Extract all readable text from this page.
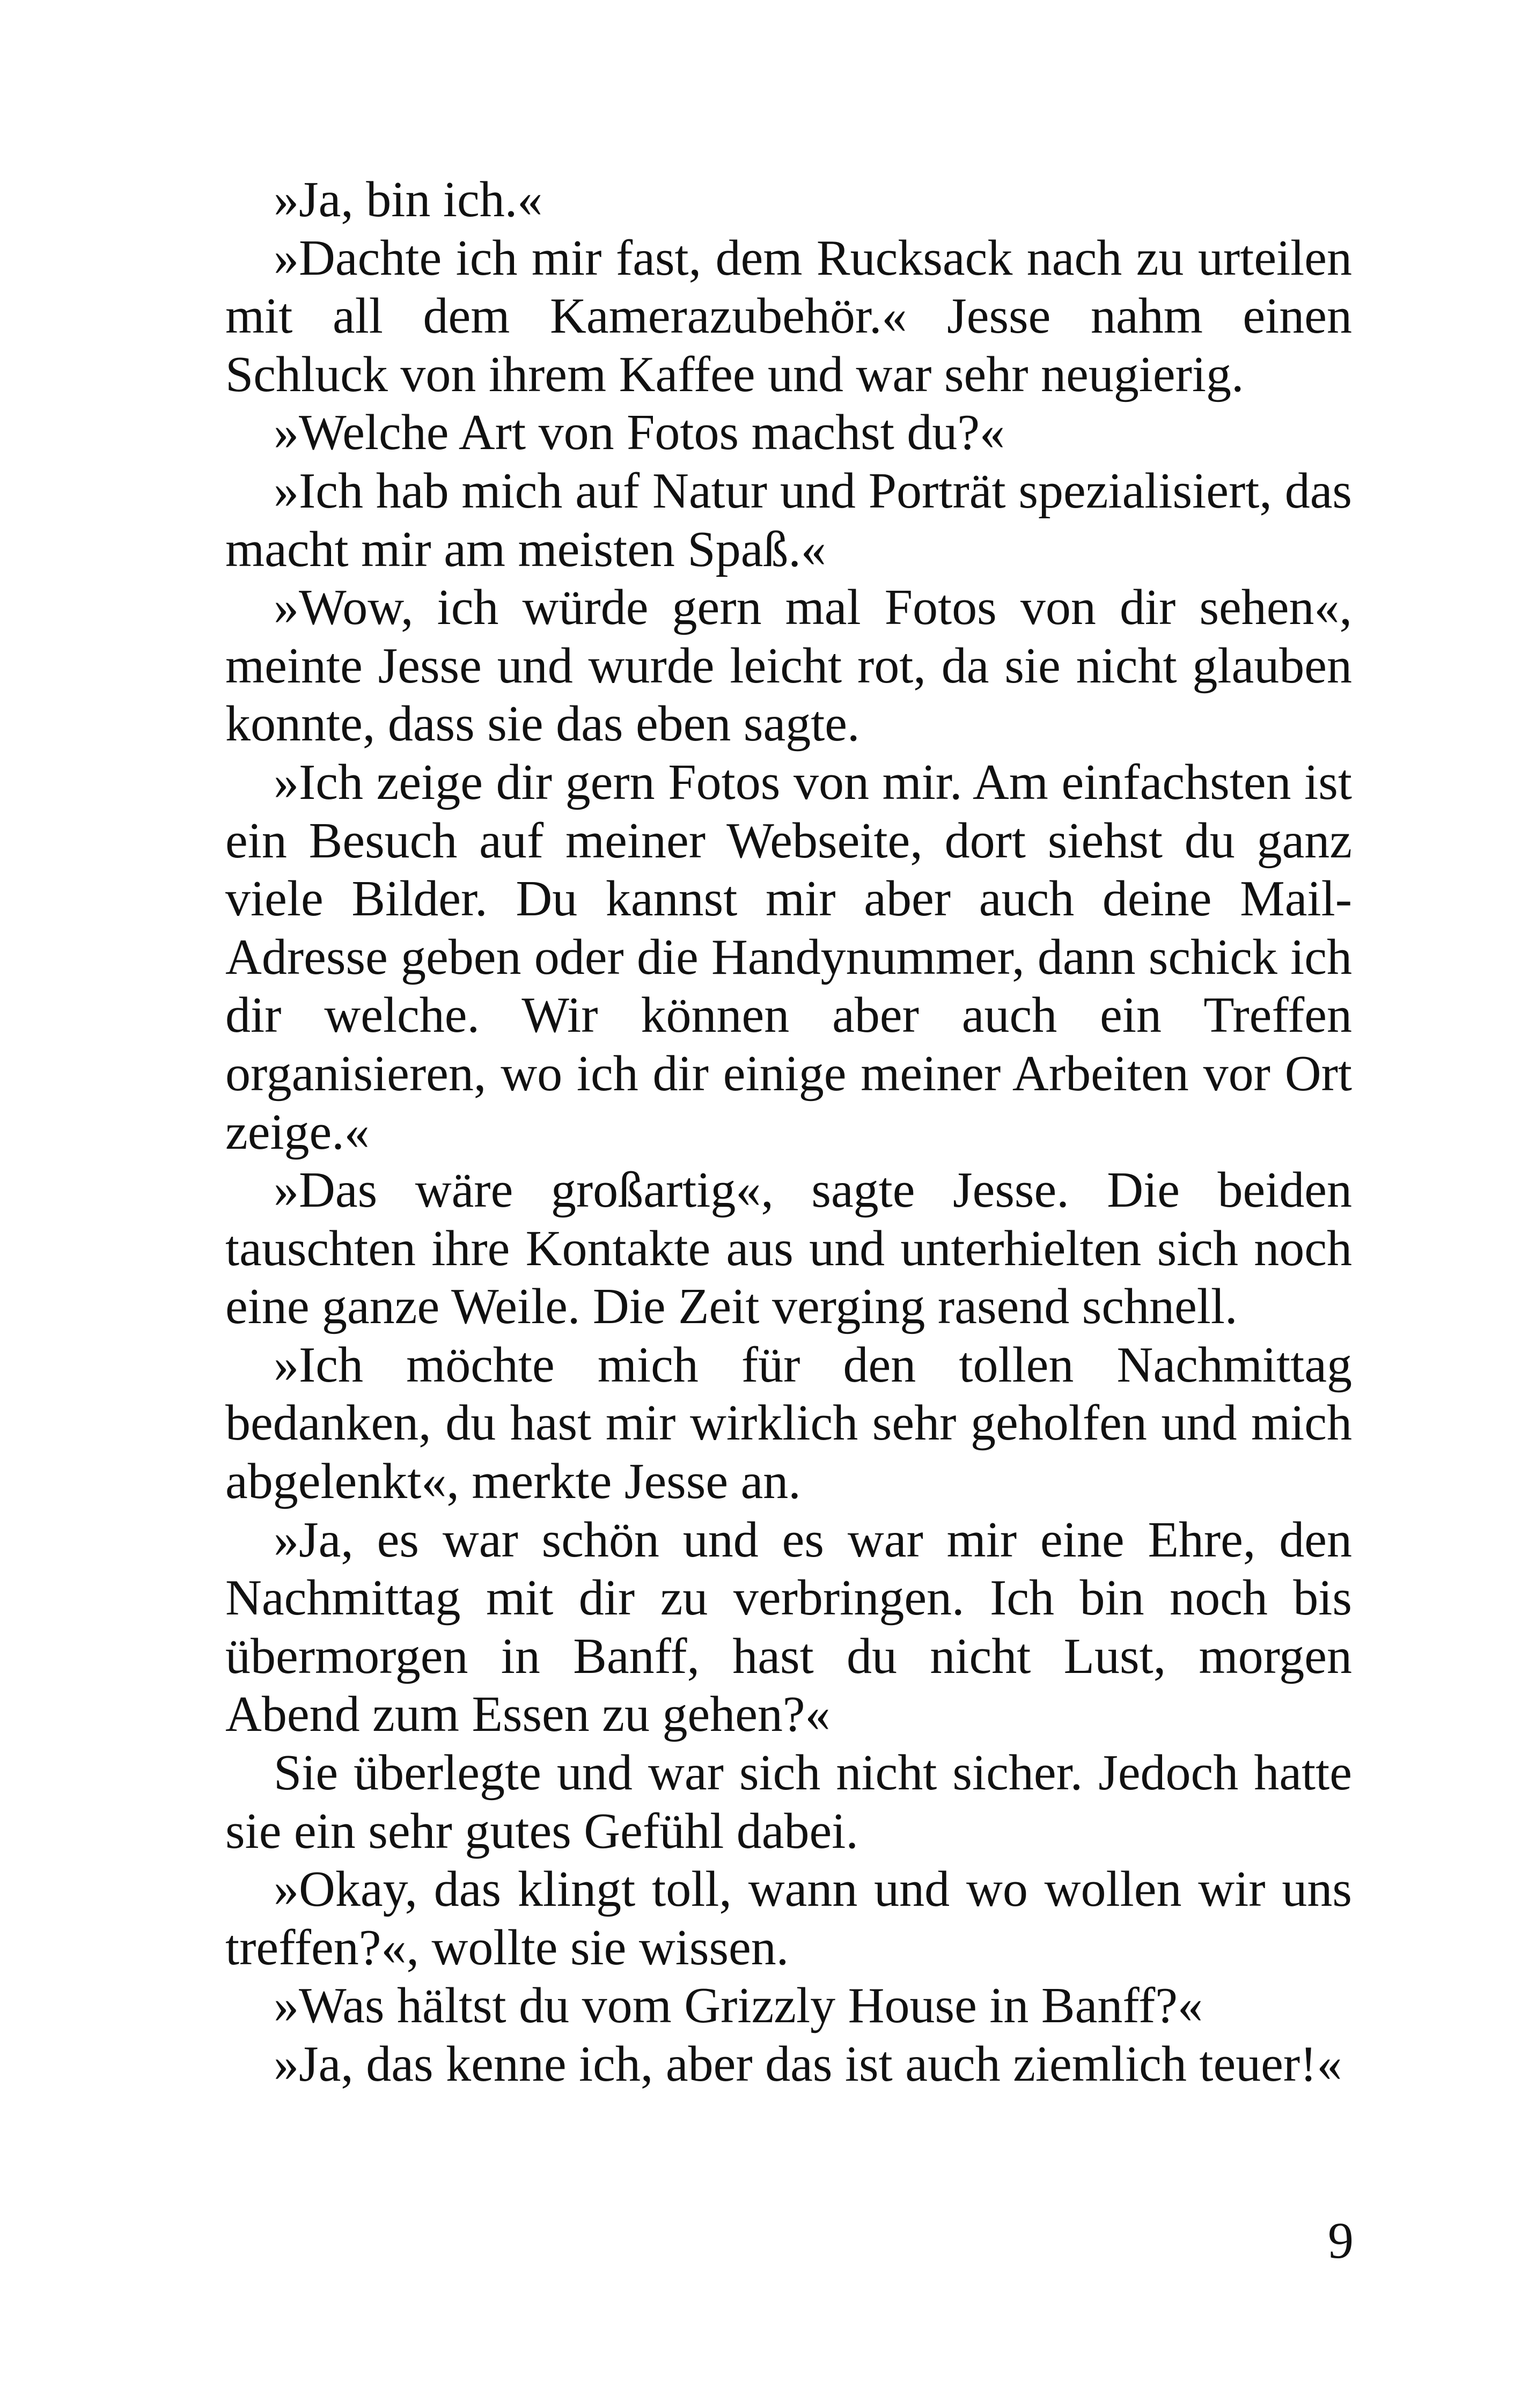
»Ja, bin ich.«

»Dachte ich mir fast, dem Rucksack nach zu urteilen mit all dem Kamerazubehör.« Jesse nahm einen Schluck von ihrem Kaffee und war sehr neugierig.

»Welche Art von Fotos machst du?«

»Ich hab mich auf Natur und Porträt spezialisiert, das macht mir am meisten Spaß.«

»Wow, ich würde gern mal Fotos von dir sehen«, meinte Jesse und wurde leicht rot, da sie nicht glauben konnte, dass sie das eben sagte.

»Ich zeige dir gern Fotos von mir. Am einfachsten ist ein Besuch auf meiner Webseite, dort siehst du ganz viele Bilder. Du kannst mir aber auch deine Mail-Adresse geben oder die Handynummer, dann schick ich dir welche. Wir können aber auch ein Treffen organisieren, wo ich dir einige meiner Arbeiten vor Ort zeige.«

»Das wäre großartig«, sagte Jesse. Die beiden tauschten ihre Kontakte aus und unterhielten sich noch eine ganze Weile. Die Zeit verging rasend schnell.

»Ich möchte mich für den tollen Nachmittag bedanken, du hast mir wirklich sehr geholfen und mich abgelenkt«, merkte Jesse an.

»Ja, es war schön und es war mir eine Ehre, den Nachmittag mit dir zu verbringen. Ich bin noch bis übermorgen in Banff, hast du nicht Lust, morgen Abend zum Essen zu gehen?«

Sie überlegte und war sich nicht sicher. Jedoch hatte sie ein sehr gutes Gefühl dabei.

»Okay, das klingt toll, wann und wo wollen wir uns treffen?«, wollte sie wissen.

»Was hältst du vom Grizzly House in Banff?«

»Ja, das kenne ich, aber das ist auch ziemlich teuer!«

9
